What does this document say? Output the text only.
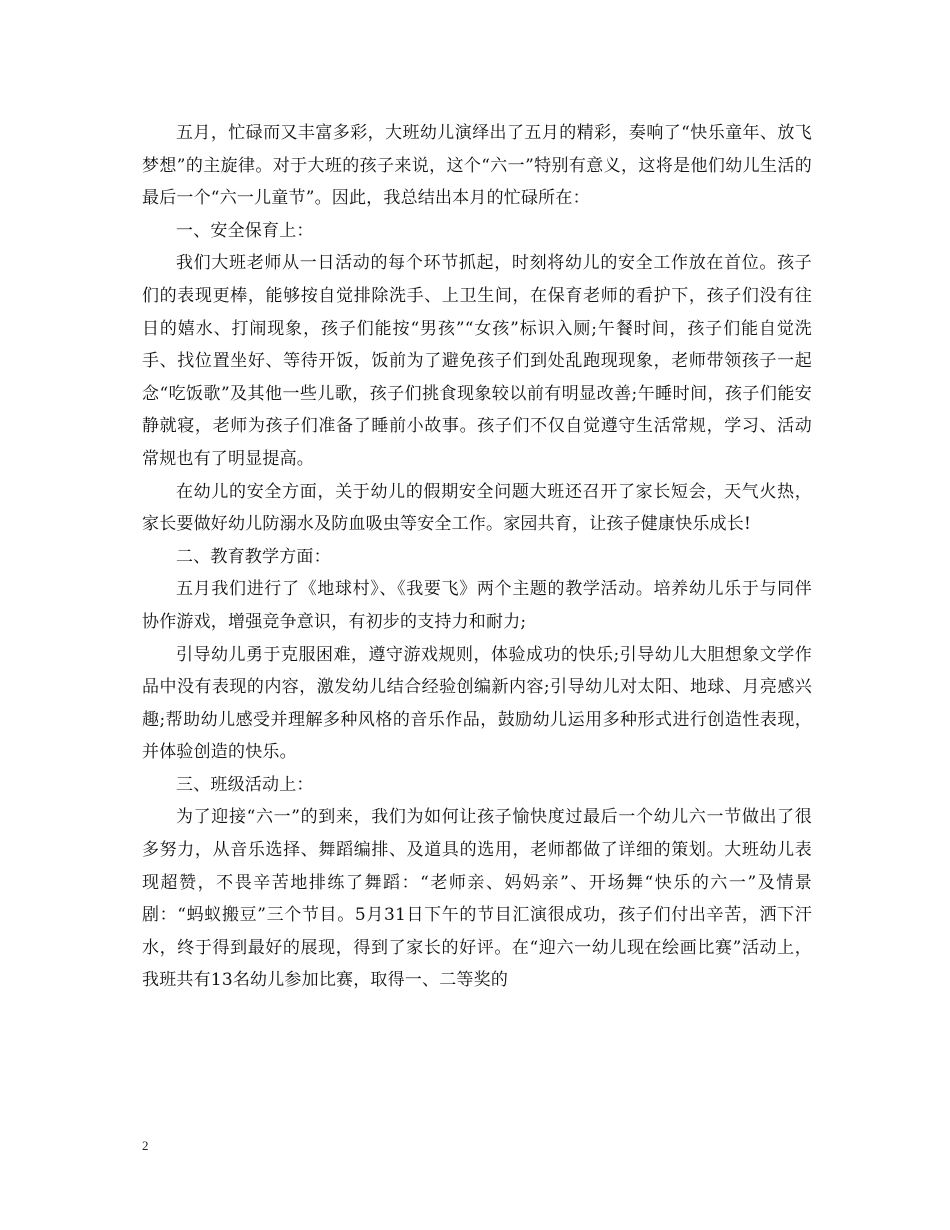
五月，忙碌而又丰富多彩，大班幼儿演绎出了五月的精彩，奏响了“快乐童年、放飞梦想”的主旋律。对于大班的孩子来说，这个“六一”特别有意义，这将是他们幼儿生活的最后一个“六一儿童节”。因此，我总结出本月的忙碌所在：

一、安全保育上：

我们大班老师从一日活动的每个环节抓起，时刻将幼儿的安全工作放在首位。孩子们的表现更棒，能够按自觉排除洗手、上卫生间，在保育老师的看护下，孩子们没有往日的嬉水、打闹现象，孩子们能按“男孩”“女孩”标识入厕;午餐时间，孩子们能自觉洗手、找位置坐好、等待开饭，饭前为了避免孩子们到处乱跑现现象，老师带领孩子一起念“吃饭歌”及其他一些儿歌，孩子们挑食现象较以前有明显改善;午睡时间，孩子们能安静就寝，老师为孩子们准备了睡前小故事。孩子们不仅自觉遵守生活常规，学习、活动常规也有了明显提高。

在幼儿的安全方面，关于幼儿的假期安全问题大班还召开了家长短会，天气火热，家长要做好幼儿防溺水及防血吸虫等安全工作。家园共育，让孩子健康快乐成长!

二、教育教学方面：

五月我们进行了《地球村》、《我要飞》两个主题的教学活动。培养幼儿乐于与同伴协作游戏，增强竞争意识，有初步的支持力和耐力;

引导幼儿勇于克服困难，遵守游戏规则，体验成功的快乐;引导幼儿大胆想象文学作品中没有表现的内容，激发幼儿结合经验创编新内容;引导幼儿对太阳、地球、月亮感兴趣;帮助幼儿感受并理解多种风格的音乐作品，鼓励幼儿运用多种形式进行创造性表现，并体验创造的快乐。

三、班级活动上：

为了迎接“六一”的到来，我们为如何让孩子愉快度过最后一个幼儿六一节做出了很多努力，从音乐选择、舞蹈编排、及道具的选用，老师都做了详细的策划。大班幼儿表现超赞，不畏辛苦地排练了舞蹈：“老师亲、妈妈亲”、开场舞“快乐的六一”及情景剧：“蚂蚁搬豆”三个节目。5月31日下午的节目汇演很成功，孩子们付出辛苦，洒下汗水，终于得到最好的展现，得到了家长的好评。在“迎六一幼儿现在绘画比赛”活动上，我班共有13名幼儿参加比赛，取得一、二等奖的

2
